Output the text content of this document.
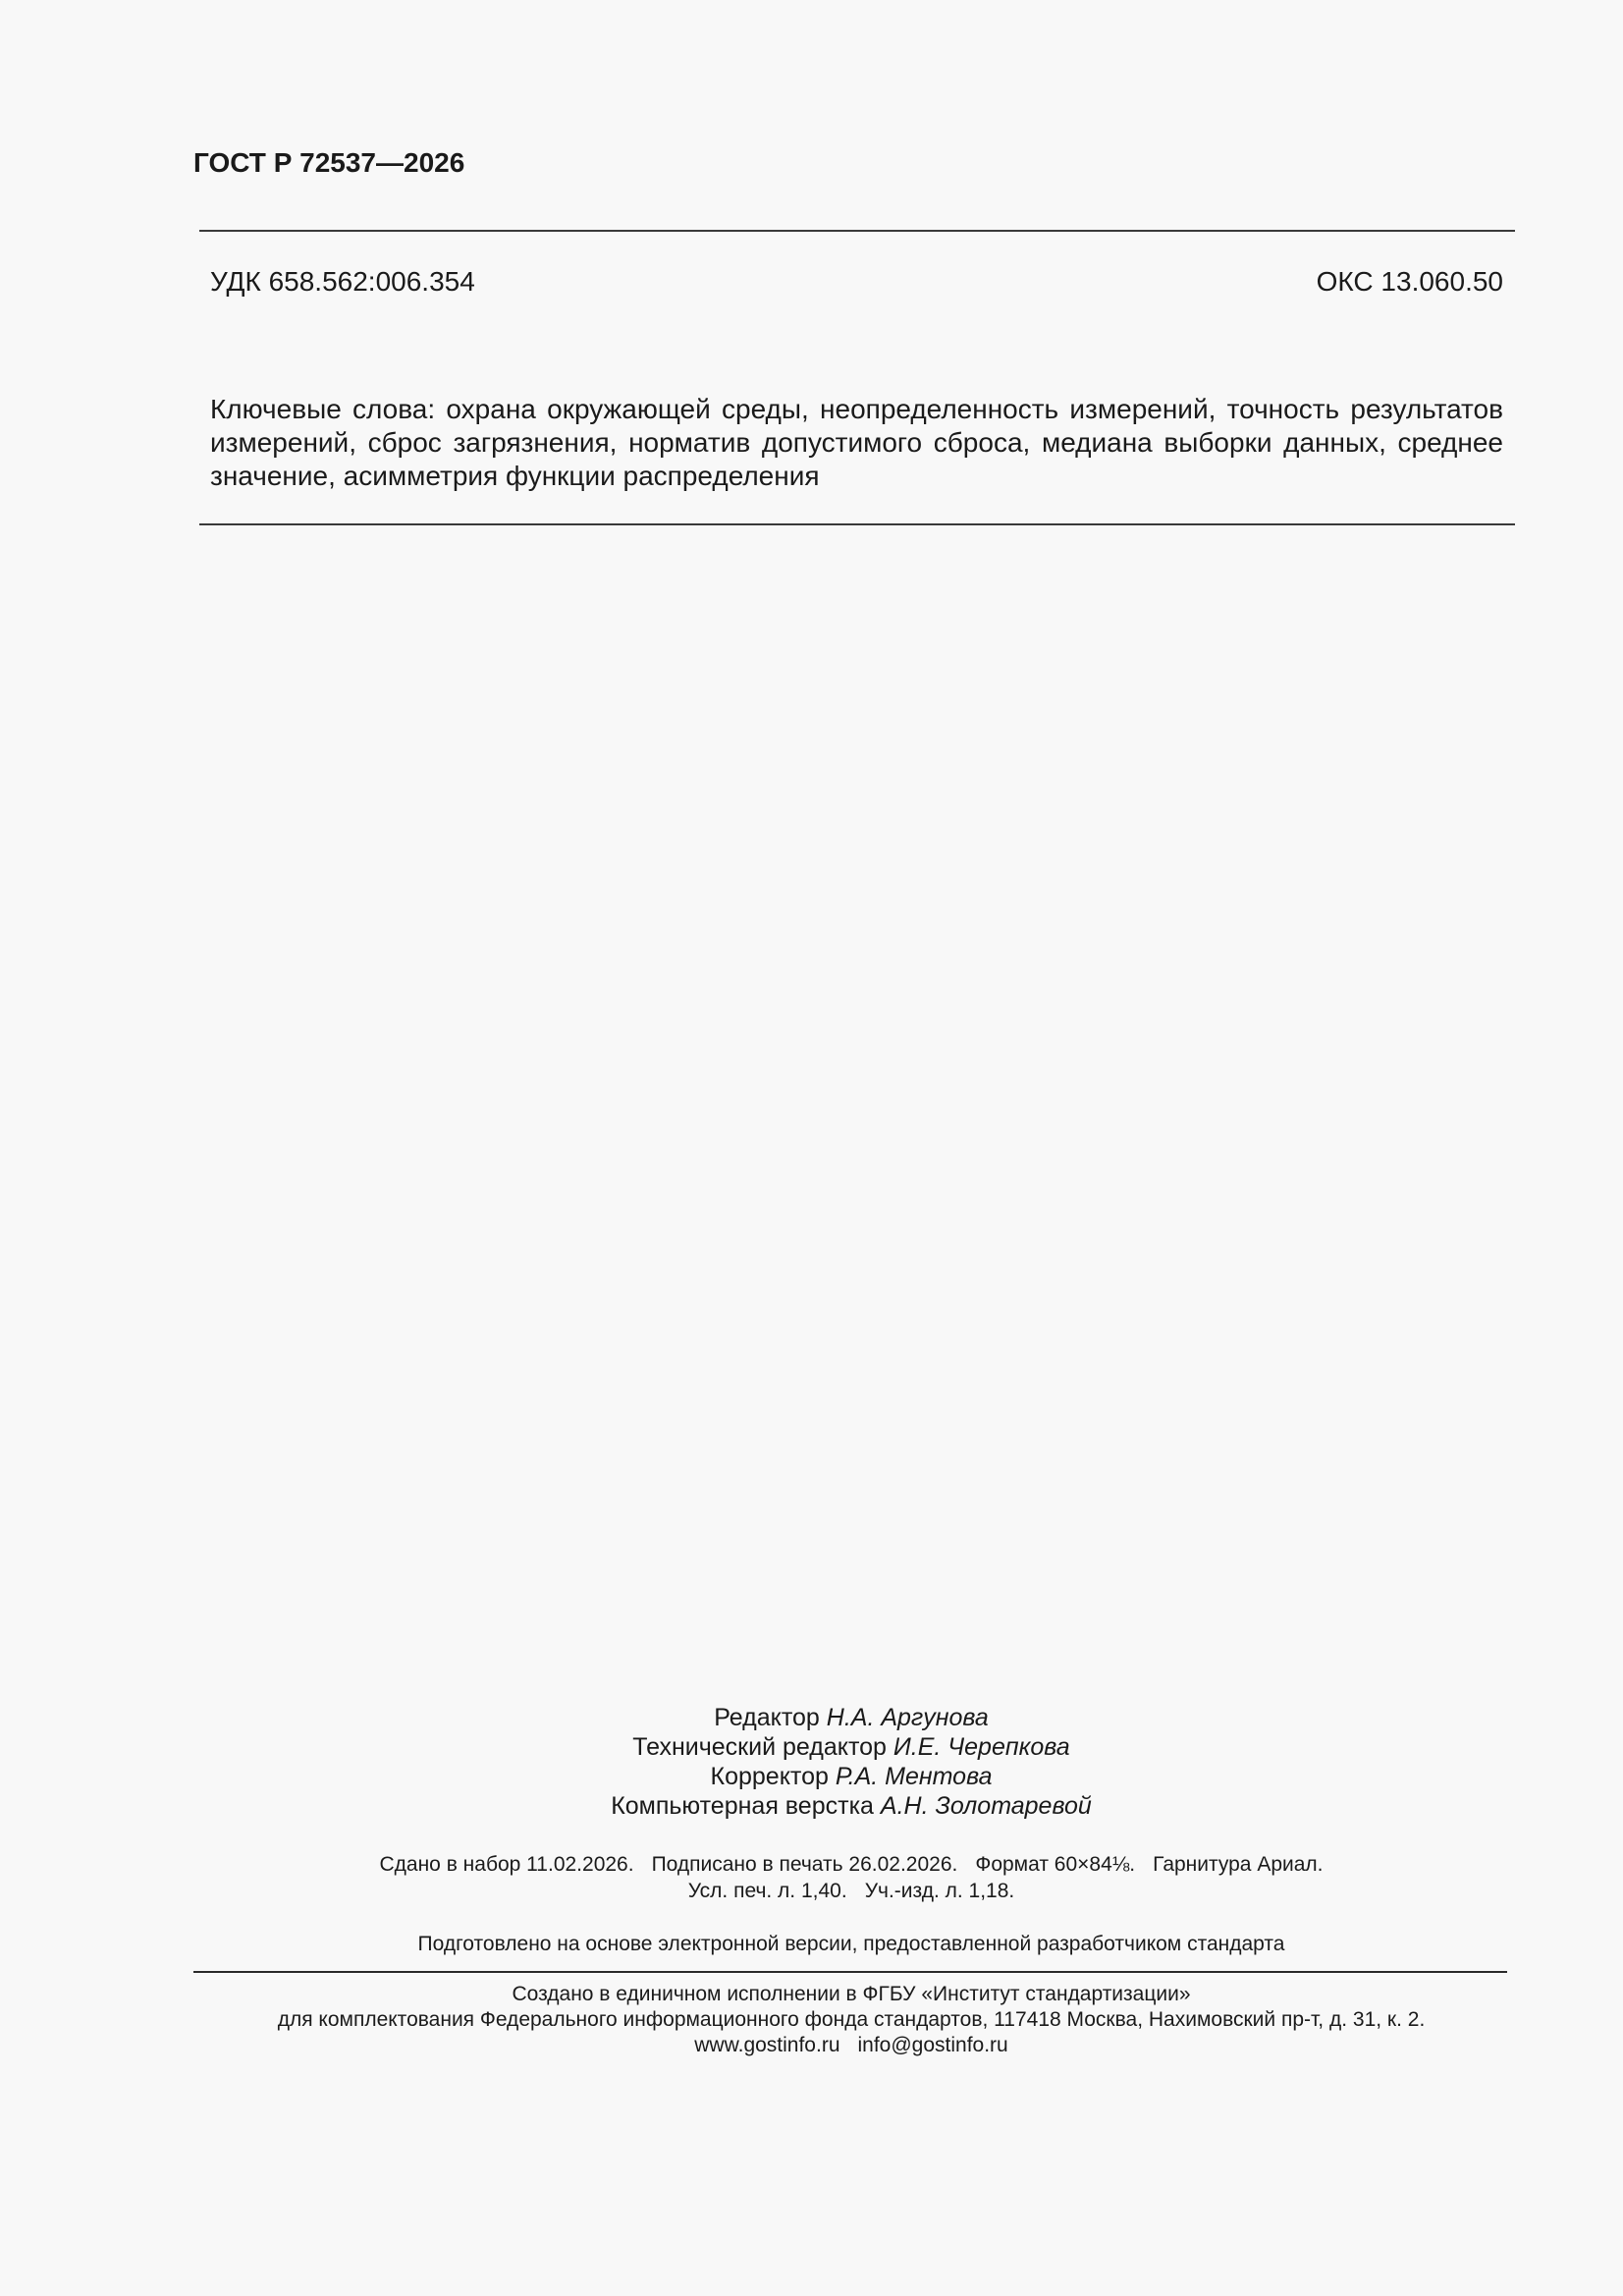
ГОСТ Р 72537—2026
УДК 658.562:006.354	ОКС 13.060.50

Ключевые слова: охрана окружающей среды, неопределенность измерений, точность результатов измерений, сброс загрязнения, норматив допустимого сброса, медиана выборки данных, среднее значение, асимметрия функции распределения

Редактор Н.А. Аргунова
Технический редактор И.Е. Черепкова
Корректор Р.А. Ментова
Компьютерная верстка А.Н. Золотаревой
Сдано в набор 11.02.2026. Подписано в печать 26.02.2026. Формат 60×84⅛. Гарнитура Ариал.
Усл. печ. л. 1,40. Уч.-изд. л. 1,18.
Подготовлено на основе электронной версии, предоставленной разработчиком стандарта
Создано в единичном исполнении в ФГБУ «Институт стандартизации»
для комплектования Федерального информационного фонда стандартов, 117418 Москва, Нахимовский пр-т, д. 31, к. 2.
www.gostinfo.ru info@gostinfo.ru
